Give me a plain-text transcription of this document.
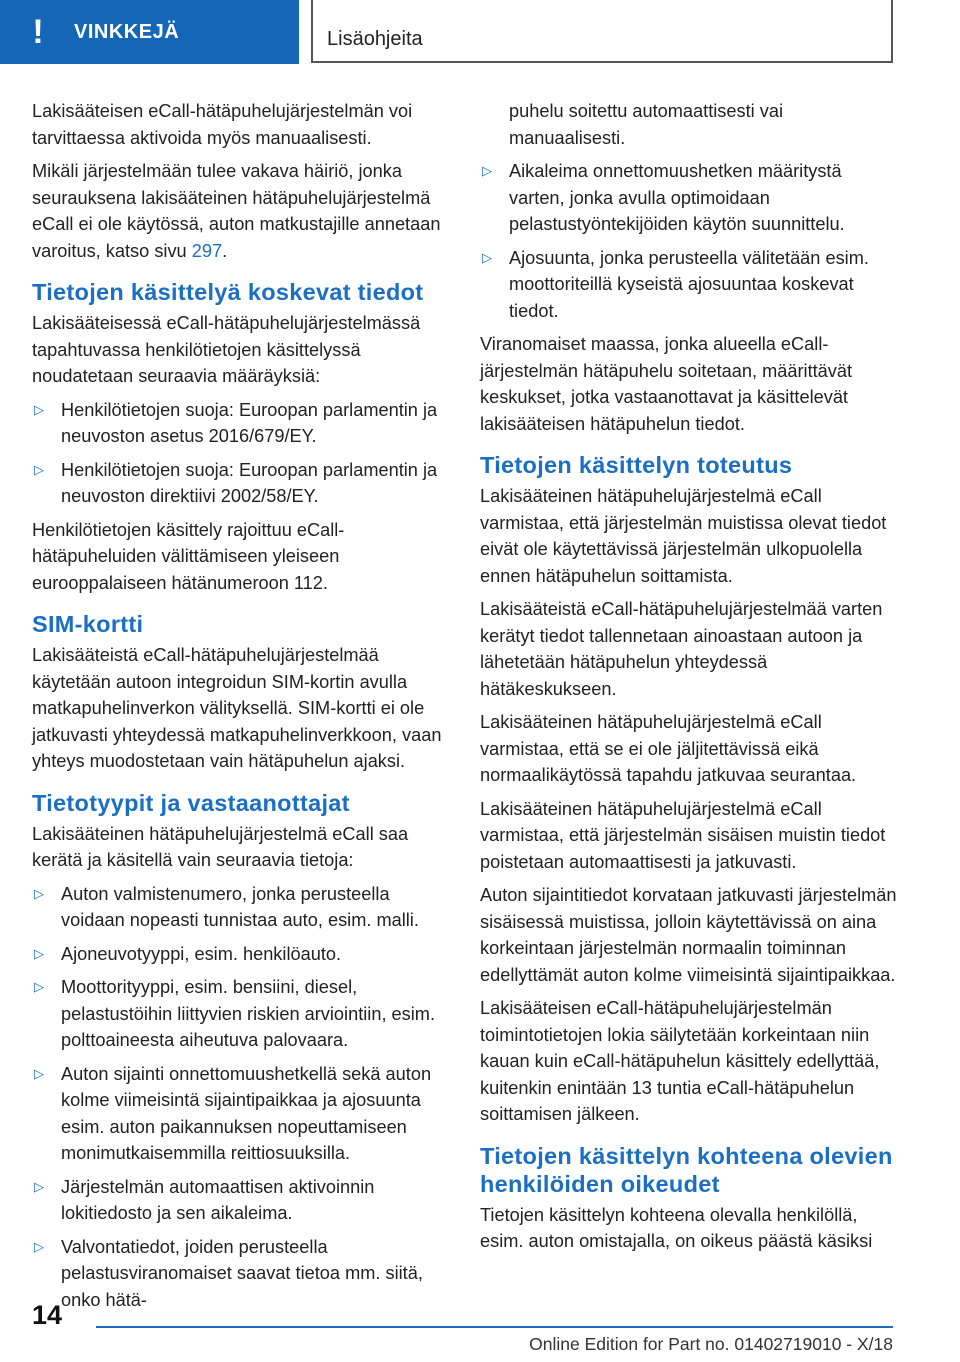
!	VINKKEJÄ	Lisäohjeita

Lakisääteisen eCall-hätäpuhelujärjestelmän voi tarvittaessa aktivoida myös manuaalisesti.

Mikäli järjestelmään tulee vakava häiriö, jonka seurauksena lakisääteinen hätäpuhelujärjestelmä eCall ei ole käytössä, auton matkustajille annetaan varoitus, katso sivu 297.

Tietojen käsittelyä koskevat tiedot

Lakisääteisessä eCall-hätäpuhelujärjestelmässä tapahtuvassa henkilötietojen käsittelyssä noudatetaan seuraavia määräyksiä:

▷ Henkilötietojen suoja: Euroopan parlamentin ja neuvoston asetus 2016/679/EY.
▷ Henkilötietojen suoja: Euroopan parlamentin ja neuvoston direktiivi 2002/58/EY.

Henkilötietojen käsittely rajoittuu eCall-hätäpuheluiden välittämiseen yleiseen eurooppalaiseen hätänumeroon 112.

SIM-kortti

Lakisääteistä eCall-hätäpuhelujärjestelmää käytetään autoon integroidun SIM-kortin avulla matkapuhelinverkon välityksellä. SIM-kortti ei ole jatkuvasti yhteydessä matkapuhelinverkkoon, vaan yhteys muodostetaan vain hätäpuhelun ajaksi.

Tietotyypit ja vastaanottajat

Lakisääteinen hätäpuhelujärjestelmä eCall saa kerätä ja käsitellä vain seuraavia tietoja:

▷ Auton valmistenumero, jonka perusteella voidaan nopeasti tunnistaa auto, esim. malli.
▷ Ajoneuvotyyppi, esim. henkilöauto.
▷ Moottorityyppi, esim. bensiini, diesel, pelastustöihin liittyvien riskien arviointiin, esim. polttoaineesta aiheutuva palovaara.
▷ Auton sijainti onnettomuushetkellä sekä auton kolme viimeisintä sijaintipaikkaa ja ajosuunta esim. auton paikannuksen nopeuttamiseen monimutkaisemmilla reittiosuuksilla.
▷ Järjestelmän automaattisen aktivoinnin lokitiedosto ja sen aikaleima.
▷ Valvontatiedot, joiden perusteella pelastusviranomaiset saavat tietoa mm. siitä, onko hätä-
puhelu soitettu automaattisesti vai manuaalisesti.
▷ Aikaleima onnettomuushetken määritystä varten, jonka avulla optimoidaan pelastustyöntekijöiden käytön suunnittelu.
▷ Ajosuunta, jonka perusteella välitetään esim. moottoriteillä kyseistä ajosuuntaa koskevat tiedot.

Viranomaiset maassa, jonka alueella eCall-järjestelmän hätäpuhelu soitetaan, määrittävät keskukset, jotka vastaanottavat ja käsittelevät lakisääteisen hätäpuhelun tiedot.

Tietojen käsittelyn toteutus

Lakisääteinen hätäpuhelujärjestelmä eCall varmistaa, että järjestelmän muistissa olevat tiedot eivät ole käytettävissä järjestelmän ulkopuolella ennen hätäpuhelun soittamista.

Lakisääteistä eCall-hätäpuhelujärjestelmää varten kerätyt tiedot tallennetaan ainoastaan autoon ja lähetetään hätäpuhelun yhteydessä hätäkeskukseen.

Lakisääteinen hätäpuhelujärjestelmä eCall varmistaa, että se ei ole jäljitettävissä eikä normaalikäytössä tapahdu jatkuvaa seurantaa.

Lakisääteinen hätäpuhelujärjestelmä eCall varmistaa, että järjestelmän sisäisen muistin tiedot poistetaan automaattisesti ja jatkuvasti.

Auton sijaintitiedot korvataan jatkuvasti järjestelmän sisäisessä muistissa, jolloin käytettävissä on aina korkeintaan järjestelmän normaalin toiminnan edellyttämät auton kolme viimeisintä sijaintipaikkaa.

Lakisääteisen eCall-hätäpuhelujärjestelmän toimintotietojen lokia säilytetään korkeintaan niin kauan kuin eCall-hätäpuhelun käsittely edellyttää, kuitenkin enintään 13 tuntia eCall-hätäpuhelun soittamisen jälkeen.

Tietojen käsittelyn kohteena olevien henkilöiden oikeudet

Tietojen käsittelyn kohteena olevalla henkilöllä, esim. auton omistajalla, on oikeus päästä käsiksi

14
Online Edition for Part no. 01402719010 - X/18
